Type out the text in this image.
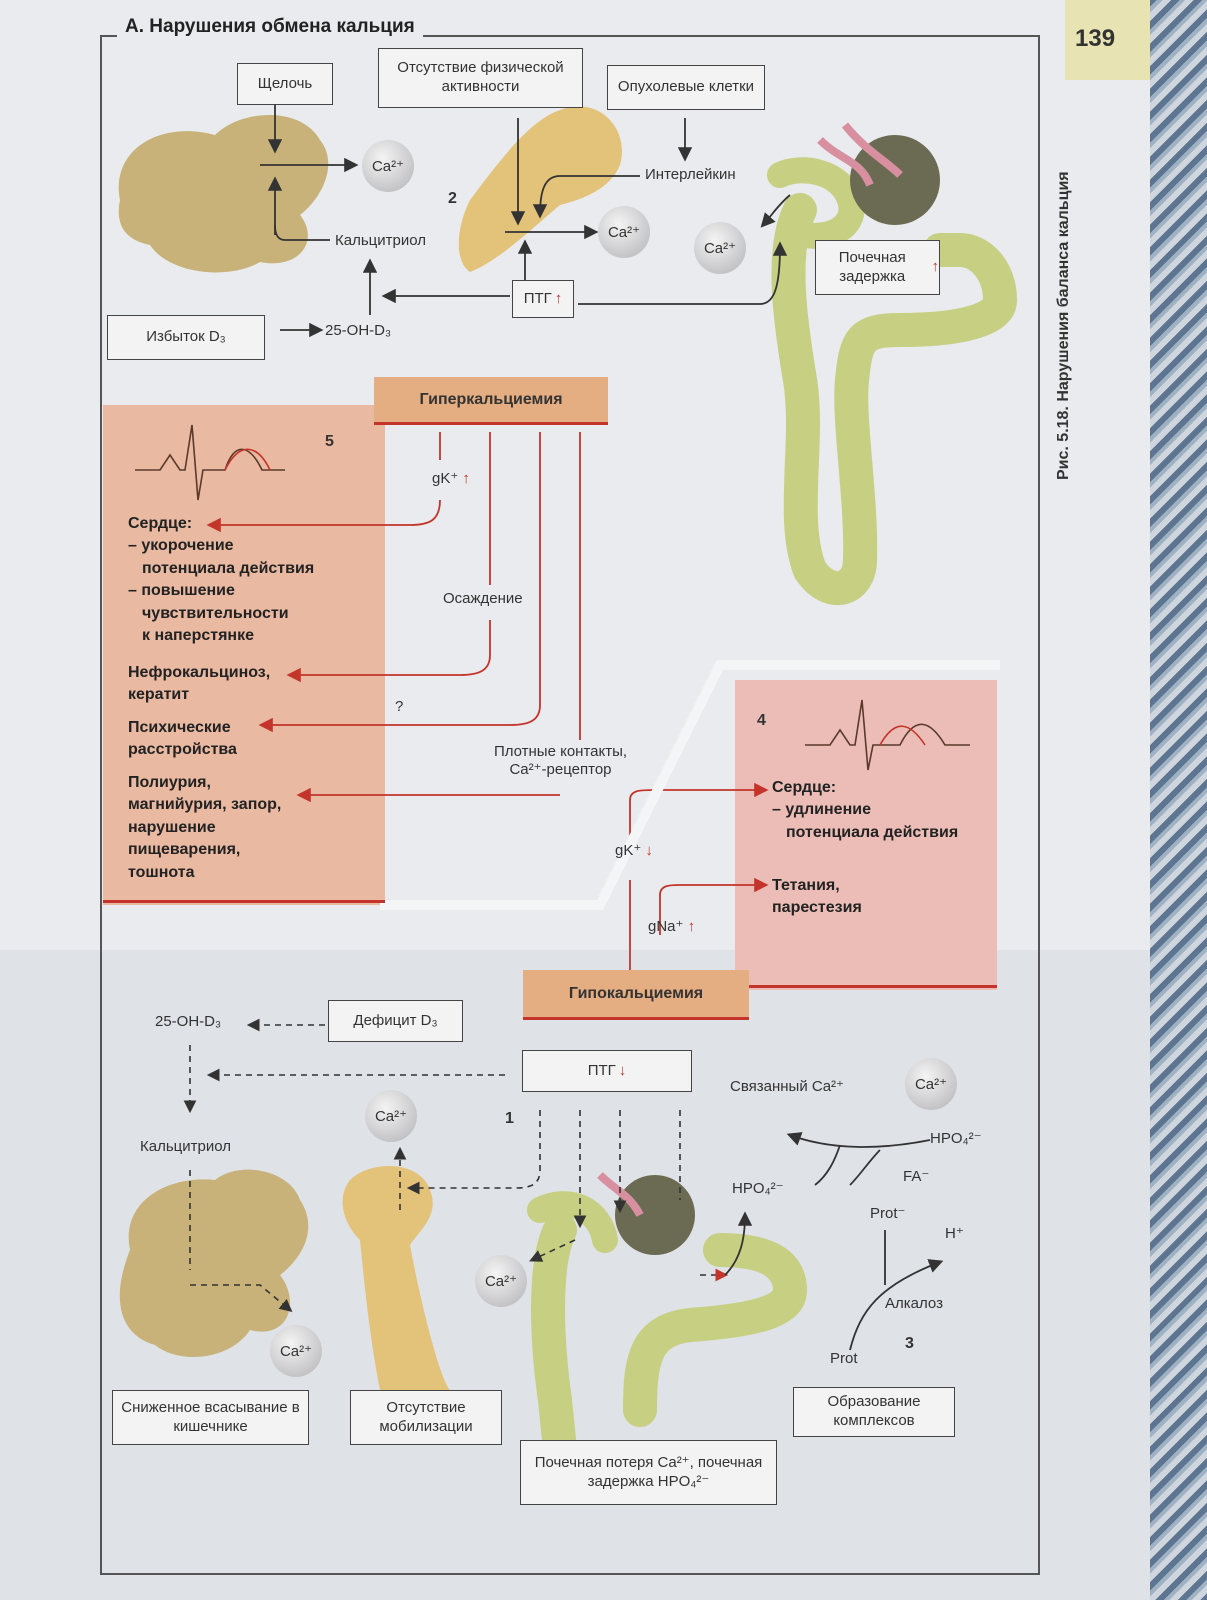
139
А. Нарушения обмена кальция
Рис. 5.18. Нарушения баланса кальция
Щелочь
Отсутствие физической активности	Опухолевые клетки
Избыток D₃
ПТГ ↑
Почечная задержка
↑
Интерлейкин
Кальцитриол
25-OH-D₃
2
Ca²⁺
Ca²⁺
Ca²⁺
Гиперкальциемия
5
gK⁺ ↑
Осаждение
?
Плотные контакты, Ca²⁺-рецептор
Сердце:
– укорочение
потенциала действия
– повышение
чувствительности
к наперстянке
Нефрокальциноз,
кератит
Психические
расстройства
Полиурия,
магнийурия, запор,
нарушение
пищеварения,
тошнота
4
Сердце:
– удлинение
потенциала действия
Тетания,
парестезия
gK⁺ ↓
gNa⁺ ↑
Гипокальциемия
Дефицит D₃
25-OH-D₃
ПТГ ↓
Кальцитриол
1
3
Ca²⁺
Ca²⁺
Ca²⁺
Ca²⁺
Связанный Ca²⁺
HPO₄²⁻
FA⁻
Prot⁻
H⁺
Алкалоз
Prot
HPO₄²⁻
Сниженное всасывание в кишечнике
Отсутствие мобилизации
Почечная потеря Ca²⁺, почечная задержка HPO₄²⁻
Образование комплексов
